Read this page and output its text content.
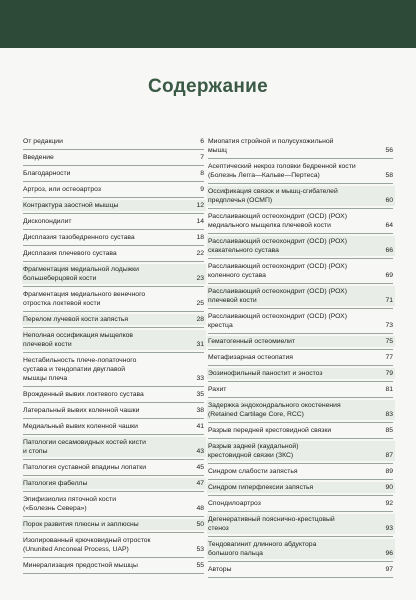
Содержание
От редакции	6
Введение	7
Благодарности	8
Артроз, или остеоартроз	9
Контрактура заостной мышцы	12
Дископондилит	14
Дисплазия тазобедренного сустава	18
Дисплазия плечевого сустава	22
Фрагментация медиальной лодыжки
большеберцовой кости	23
Фрагментация медиального венечного
отростка локтевой кости	25
Перелом лучевой кости запястья	28
Неполная оссификация мыщелков
плечевой кости	31
Нестабильность плече-лопаточного
сустава и тендопатии двуглавой
мышцы плеча	33
Врожденный вывих локтевого сустава	35
Латеральный вывих коленной чашки	38
Медиальный вывих коленной чашки	41
Патологии сесамовидных костей кисти
и стопы	43
Патология суставной впадины лопатки	45
Патология фабеллы	47
Эпифизиолиз пяточной кости
(«Болезнь Севера»)	48
Порок развития плюсны и заплюсны	50
Изолированный крючковидный отросток
(Ununited Anconeal Process, UAP)	53
Минерализация предостной мышцы	55
Миопатия стройной и полусухожильной
мышц	56
Асептический некроз головки бедренной кости
(Болезнь Легга—Кальве—Пертеса)	58
Оссификация связок и мышц-сгибателей
предплечья (ОСМП)	60
Расслаивающий остеохондрит (OCD) (РОХ)
медиального мыщелка плечевой кости	64
Расслаивающий остеохондрит (OCD) (РОХ)
скакательного сустава	66
Расслаивающий остеохондрит (OCD) (РОХ)
коленного сустава	69
Расслаивающий остеохондрит (OCD) (РОХ)
плечевой кости	71
Расслаивающий остеохондрит (OCD) (РОХ)
крестца	73
Гематогенный остеомиелит	75
Метафизарная остеопатия	77
Эозинофильный паностит и эностоз	79
Рахит	81
Задержка эндохондрального окостенения
(Retained Cartilage Core, RCC)	83
Разрыв передней крестовидной связки	85
Разрыв задней (каудальной)
крестовидной связки (ЗКС)	87
Синдром слабости запястья	89
Синдром гиперфлексии запястья	90
Спондилоартроз	92
Дегенеративный пояснично-крестцовый
стеноз	93
Тендовагинит длинного абдуктора
большого пальца	96
Авторы	97
